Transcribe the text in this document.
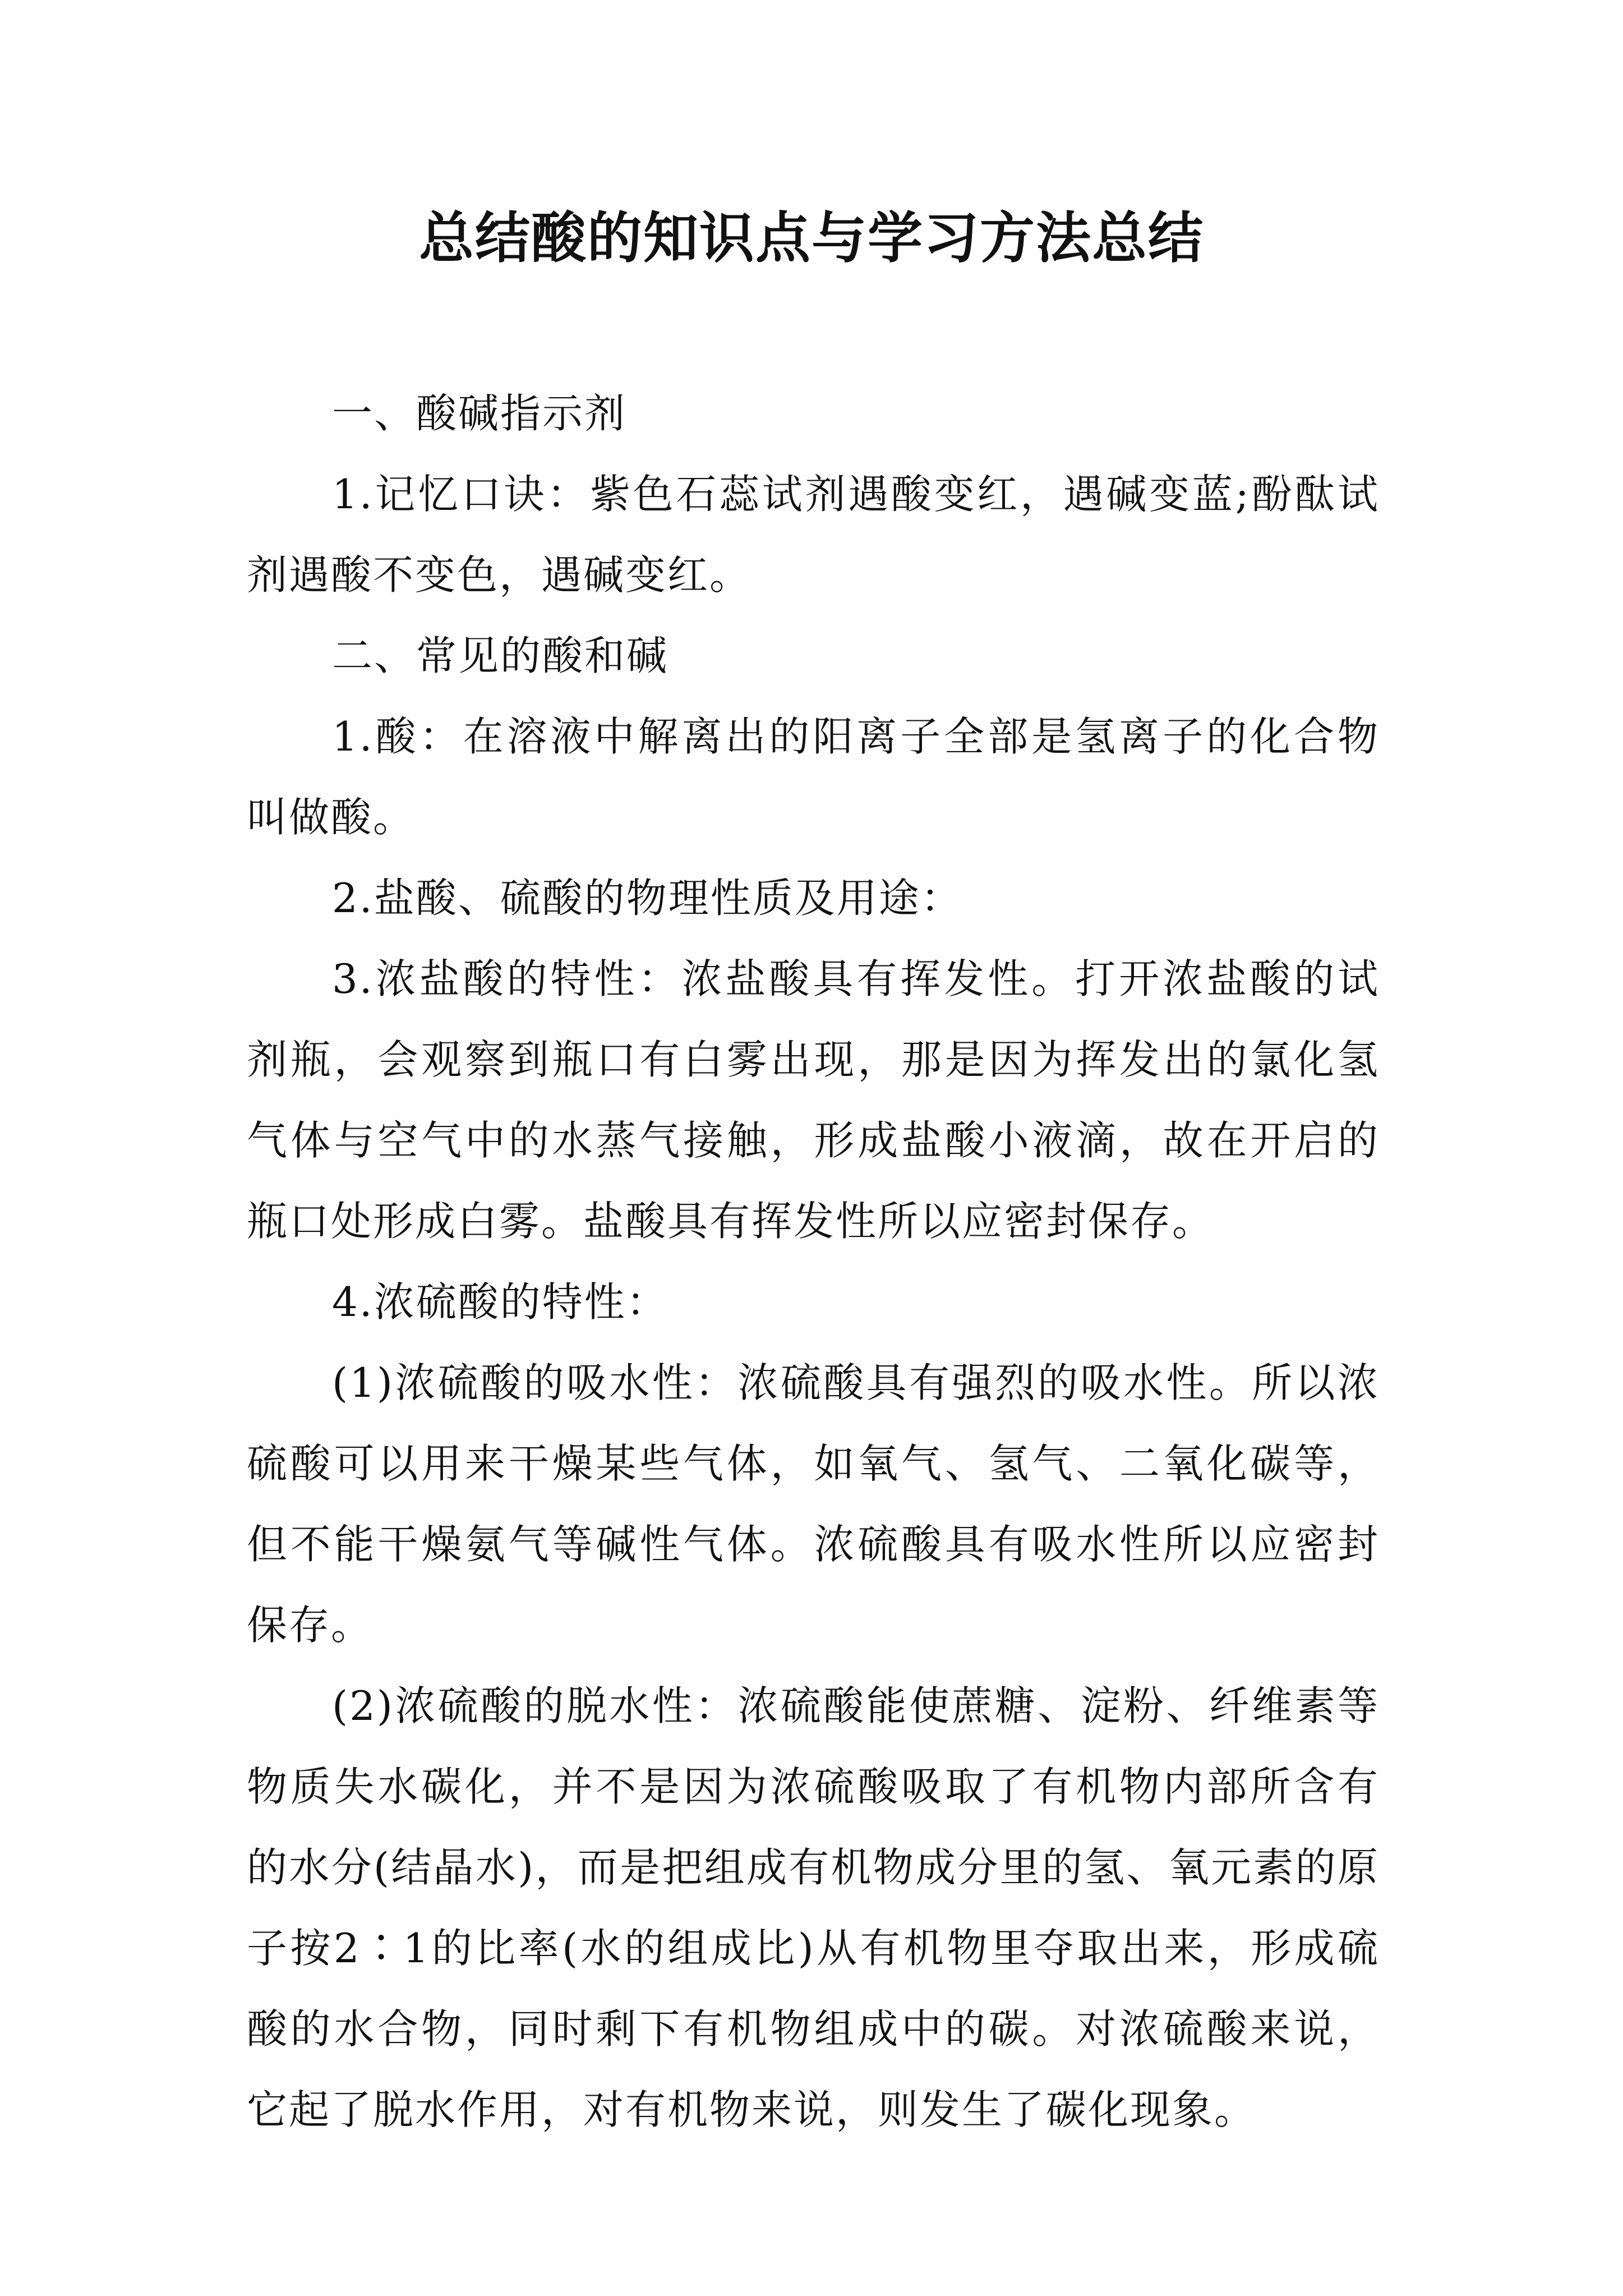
总结酸的知识点与学习方法总结

一、酸碱指示剂

1.记忆口诀：紫色石蕊试剂遇酸变红，遇碱变蓝;酚酞试剂遇酸不变色，遇碱变红。

二、常见的酸和碱

1.酸：在溶液中解离出的阳离子全部是氢离子的化合物叫做酸。

2.盐酸、硫酸的物理性质及用途：

3.浓盐酸的特性：浓盐酸具有挥发性。打开浓盐酸的试剂瓶，会观察到瓶口有白雾出现，那是因为挥发出的氯化氢气体与空气中的水蒸气接触，形成盐酸小液滴，故在开启的瓶口处形成白雾。盐酸具有挥发性所以应密封保存。

4.浓硫酸的特性：

(1)浓硫酸的吸水性：浓硫酸具有强烈的吸水性。所以浓硫酸可以用来干燥某些气体，如氧气、氢气、二氧化碳等，但不能干燥氨气等碱性气体。浓硫酸具有吸水性所以应密封保存。

(2)浓硫酸的脱水性：浓硫酸能使蔗糖、淀粉、纤维素等物质失水碳化，并不是因为浓硫酸吸取了有机物内部所含有的水分(结晶水)，而是把组成有机物成分里的氢、氧元素的原子按2∶1的比率(水的组成比)从有机物里夺取出来，形成硫酸的水合物，同时剩下有机物组成中的碳。对浓硫酸来说，它起了脱水作用，对有机物来说，则发生了碳化现象。
